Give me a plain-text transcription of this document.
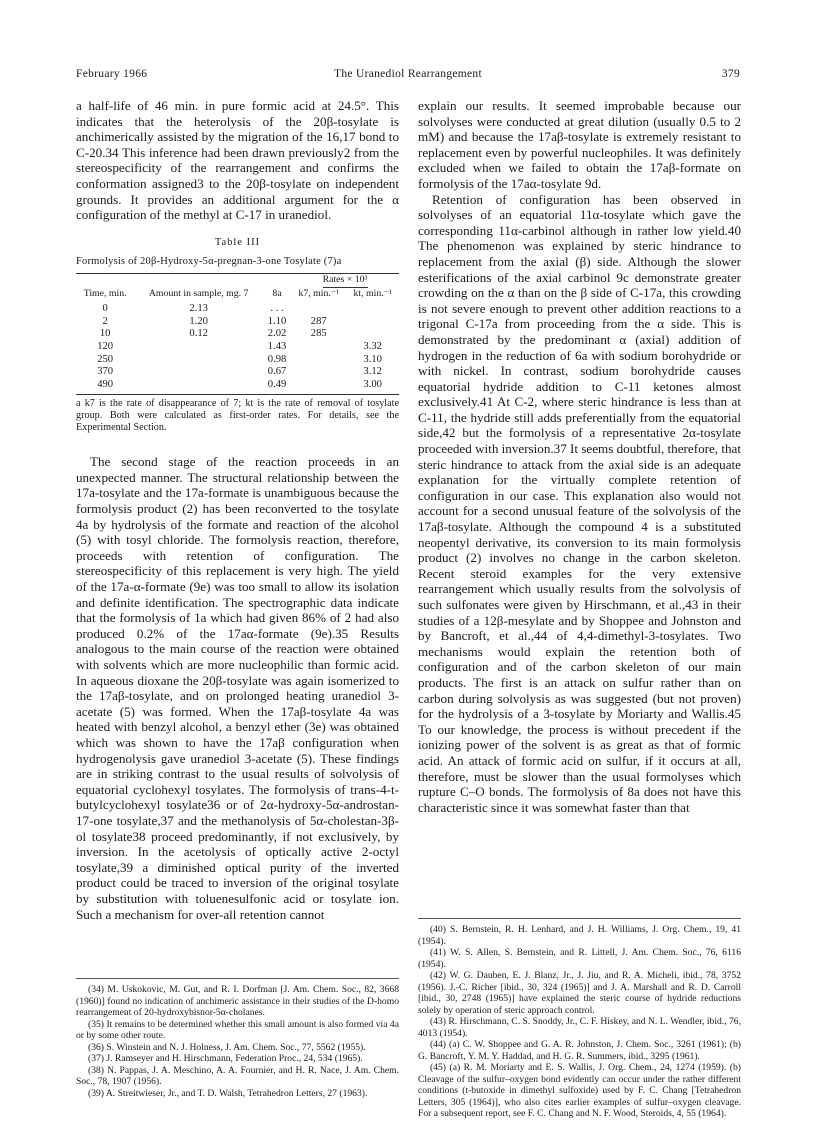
February 1966	The Uranediol Rearrangement	379

a half-life of 46 min. in pure formic acid at 24.5°. This indicates that the heterolysis of the 20β-tosylate is anchimerically assisted by the migration of the 16,17 bond to C-20.34 This inference had been drawn previously2 from the stereospecificity of the rearrangement and confirms the conformation assigned3 to the 20β-tosylate on independent grounds. It provides an additional argument for the α configuration of the methyl at C-17 in uranediol.

Table III
Formolysis of 20β-Hydroxy-5α-pregnan-3-one Tosylate (7)a
			Rates × 10³	
Time, min.	Amount in sample, mg. 7	8a	k7, min.⁻¹	kt, min.⁻¹
0	2.13	. . .		
2	1.20	1.10	287	
10	0.12	2.02	285	
120		1.43		3.32
250		0.98		3.10
370		0.67		3.12
490		0.49		3.00
a k7 is the rate of disappearance of 7; kt is the rate of removal of tosylate group. Both were calculated as first-order rates. For details, see the Experimental Section.

The second stage of the reaction proceeds in an unexpected manner. The structural relationship between the 17a-tosylate and the 17a-formate is unambiguous because the formolysis product (2) has been reconverted to the tosylate 4a by hydrolysis of the formate and reaction of the alcohol (5) with tosyl chloride. The formolysis reaction, therefore, proceeds with retention of configuration. The stereospecificity of this replacement is very high. The yield of the 17a-α-formate (9e) was too small to allow its isolation and definite identification. The spectrographic data indicate that the formolysis of 1a which had given 86% of 2 had also produced 0.2% of the 17aα-formate (9e).35 Results analogous to the main course of the reaction were obtained with solvents which are more nucleophilic than formic acid. In aqueous dioxane the 20β-tosylate was again isomerized to the 17aβ-tosylate, and on prolonged heating uranediol 3-acetate (5) was formed. When the 17aβ-tosylate 4a was heated with benzyl alcohol, a benzyl ether (3e) was obtained which was shown to have the 17aβ configuration when hydrogenolysis gave uranediol 3-acetate (5). These findings are in striking contrast to the usual results of solvolysis of equatorial cyclohexyl tosylates. The formolysis of trans-4-t-butylcyclohexyl tosylate36 or of 2α-hydroxy-5α-androstan-17-one tosylate,37 and the methanolysis of 5α-cholestan-3β-ol tosylate38 proceed predominantly, if not exclusively, by inversion. In the acetolysis of optically active 2-octyl tosylate,39 a diminished optical purity of the inverted product could be traced to inversion of the original tosylate by substitution with toluenesulfonic acid or tosylate ion. Such a mechanism for over-all retention cannot

explain our results. It seemed improbable because our solvolyses were conducted at great dilution (usually 0.5 to 2 mM) and because the 17aβ-tosylate is extremely resistant to replacement even by powerful nucleophiles. It was definitely excluded when we failed to obtain the 17aβ-formate on formolysis of the 17aα-tosylate 9d.

Retention of configuration has been observed in solvolyses of an equatorial 11α-tosylate which gave the corresponding 11α-carbinol although in rather low yield.40 The phenomenon was explained by steric hindrance to replacement from the axial (β) side. Although the slower esterifications of the axial carbinol 9c demonstrate greater crowding on the α than on the β side of C-17a, this crowding is not severe enough to prevent other addition reactions to a trigonal C-17a from proceeding from the α side. This is demonstrated by the predominant α (axial) addition of hydrogen in the reduction of 6a with sodium borohydride or with nickel. In contrast, sodium borohydride causes equatorial hydride addition to C-11 ketones almost exclusively.41 At C-2, where steric hindrance is less than at C-11, the hydride still adds preferentially from the equatorial side,42 but the formolysis of a representative 2α-tosylate proceeded with inversion.37 It seems doubtful, therefore, that steric hindrance to attack from the axial side is an adequate explanation for the virtually complete retention of configuration in our case. This explanation also would not account for a second unusual feature of the solvolysis of the 17aβ-tosylate. Although the compound 4 is a substituted neopentyl derivative, its conversion to its main formolysis product (2) involves no change in the carbon skeleton. Recent steroid examples for the very extensive rearrangement which usually results from the solvolysis of such sulfonates were given by Hirschmann, et al.,43 in their studies of a 12β-mesylate and by Shoppee and Johnston and by Bancroft, et al.,44 of 4,4-dimethyl-3-tosylates. Two mechanisms would explain the retention both of configuration and of the carbon skeleton of our main products. The first is an attack on sulfur rather than on carbon during solvolysis as was suggested (but not proven) for the hydrolysis of a 3-tosylate by Moriarty and Wallis.45 To our knowledge, the process is without precedent if the ionizing power of the solvent is as great as that of formic acid. An attack of formic acid on sulfur, if it occurs at all, therefore, must be slower than the usual formolyses which rupture C–O bonds. The formolysis of 8a does not have this characteristic since it was somewhat faster than that

(34) M. Uskokovic, M. Gut, and R. I. Dorfman [J. Am. Chem. Soc., 82, 3668 (1960)] found no indication of anchimeric assistance in their studies of the D-homo rearrangement of 20-hydroxybisnor-5α-cholanes.

(35) It remains to be determined whether this small amount is also formed via 4a or by some other route.

(36) S. Winstein and N. J. Holness, J. Am. Chem. Soc., 77, 5562 (1955).

(37) J. Ramseyer and H. Hirschmann, Federation Proc., 24, 534 (1965).

(38) N. Pappas, J. A. Meschino, A. A. Fournier, and H. R. Nace, J. Am. Chem. Soc., 78, 1907 (1956).

(39) A. Streitwieser, Jr., and T. D. Walsh, Tetrahedron Letters, 27 (1963).

(40) S. Bernstein, R. H. Lenhard, and J. H. Williams, J. Org. Chem., 19, 41 (1954).

(41) W. S. Allen, S. Bernstein, and R. Littell, J. Am. Chem. Soc., 76, 6116 (1954).

(42) W. G. Dauben, E. J. Blanz, Jr., J. Jiu, and R. A. Micheli, ibid., 78, 3752 (1956). J.-C. Richer [ibid., 30, 324 (1965)] and J. A. Marshall and R. D. Carroll [ibid., 30, 2748 (1965)] have explained the steric course of hydride reductions solely by operation of steric approach control.

(43) R. Hirschmann, C. S. Snoddy, Jr., C. F. Hiskey, and N. L. Wendler, ibid., 76, 4013 (1954).

(44) (a) C. W. Shoppee and G. A. R. Johnston, J. Chem. Soc., 3261 (1961); (b) G. Bancroft, Y. M. Y. Haddad, and H. G. R. Summers, ibid., 3295 (1961).

(45) (a) R. M. Moriarty and E. S. Wallis, J. Org. Chem., 24, 1274 (1959). (b) Cleavage of the sulfur–oxygen bond evidently can occur under the rather different conditions (t-butoxide in dimethyl sulfoxide) used by F. C. Chang [Tetrahedron Letters, 305 (1964)], who also cites earlier examples of sulfur–oxygen cleavage. For a subsequent report, see F. C. Chang and N. F. Wood, Steroids, 4, 55 (1964).
